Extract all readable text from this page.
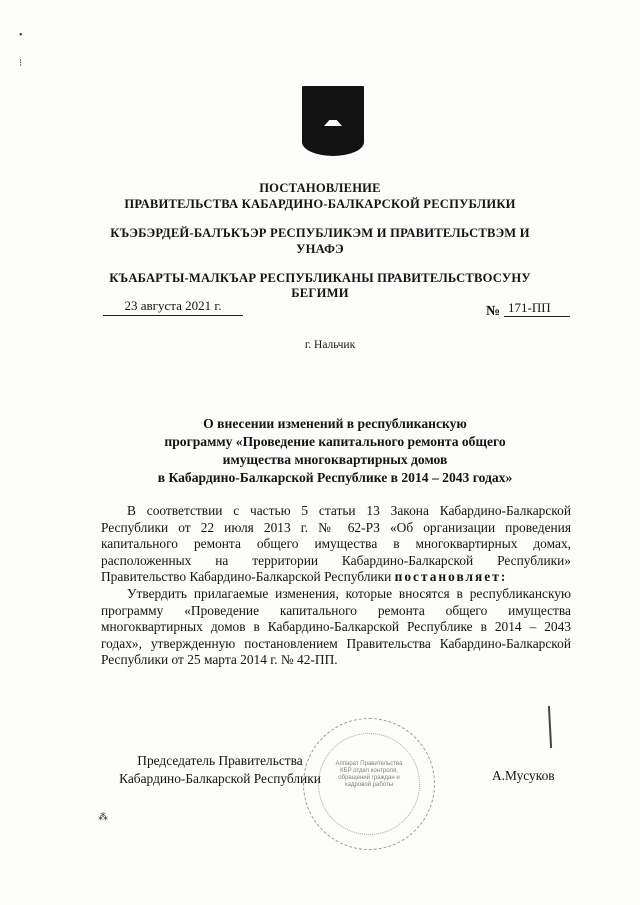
•
⁝
ПОСТАНОВЛЕНИЕ
ПРАВИТЕЛЬСТВА КАБАРДИНО-БАЛКАРСКОЙ РЕСПУБЛИКИ
КЪЭБЭРДЕЙ-БАЛЪКЪЭР РЕСПУБЛИКЭМ И ПРАВИТЕЛЬСТВЭМ И
УНАФЭ
КЪАБАРТЫ-МАЛКЪАР РЕСПУБЛИКАНЫ ПРАВИТЕЛЬСТВОСУНУ
БЕГИМИ
23 августа 2021 г.	№ 171-ПП
г. Нальчик
О внесении изменений в республиканскую
программу «Проведение капитального ремонта общего
имущества многоквартирных домов
в Кабардино-Балкарской Республике в 2014 – 2043 годах»

В соответствии с частью 5 статьи 13 Закона Кабардино-Балкарской Республики от 22 июля 2013 г. № 62-РЗ «Об организации проведения капитального ремонта общего имущества в многоквартирных домах, расположенных на территории Кабардино-Балкарской Республики» Правительство Кабардино-Балкарской Республики постановляет:

Утвердить прилагаемые изменения, которые вносятся в республиканскую программу «Проведение капитального ремонта общего имущества многоквартирных домов в Кабардино-Балкарской Республике в 2014 – 2043 годах», утвержденную постановлением Правительства Кабардино-Балкарской Республики от 25 марта 2014 г. № 42-ПП.

Аппарат Правительства КБР отдел контроля, обращений граждан и кадровой работы
Председатель Правительства
Кабардино-Балкарской Республики	А.Мусуков
⁂
